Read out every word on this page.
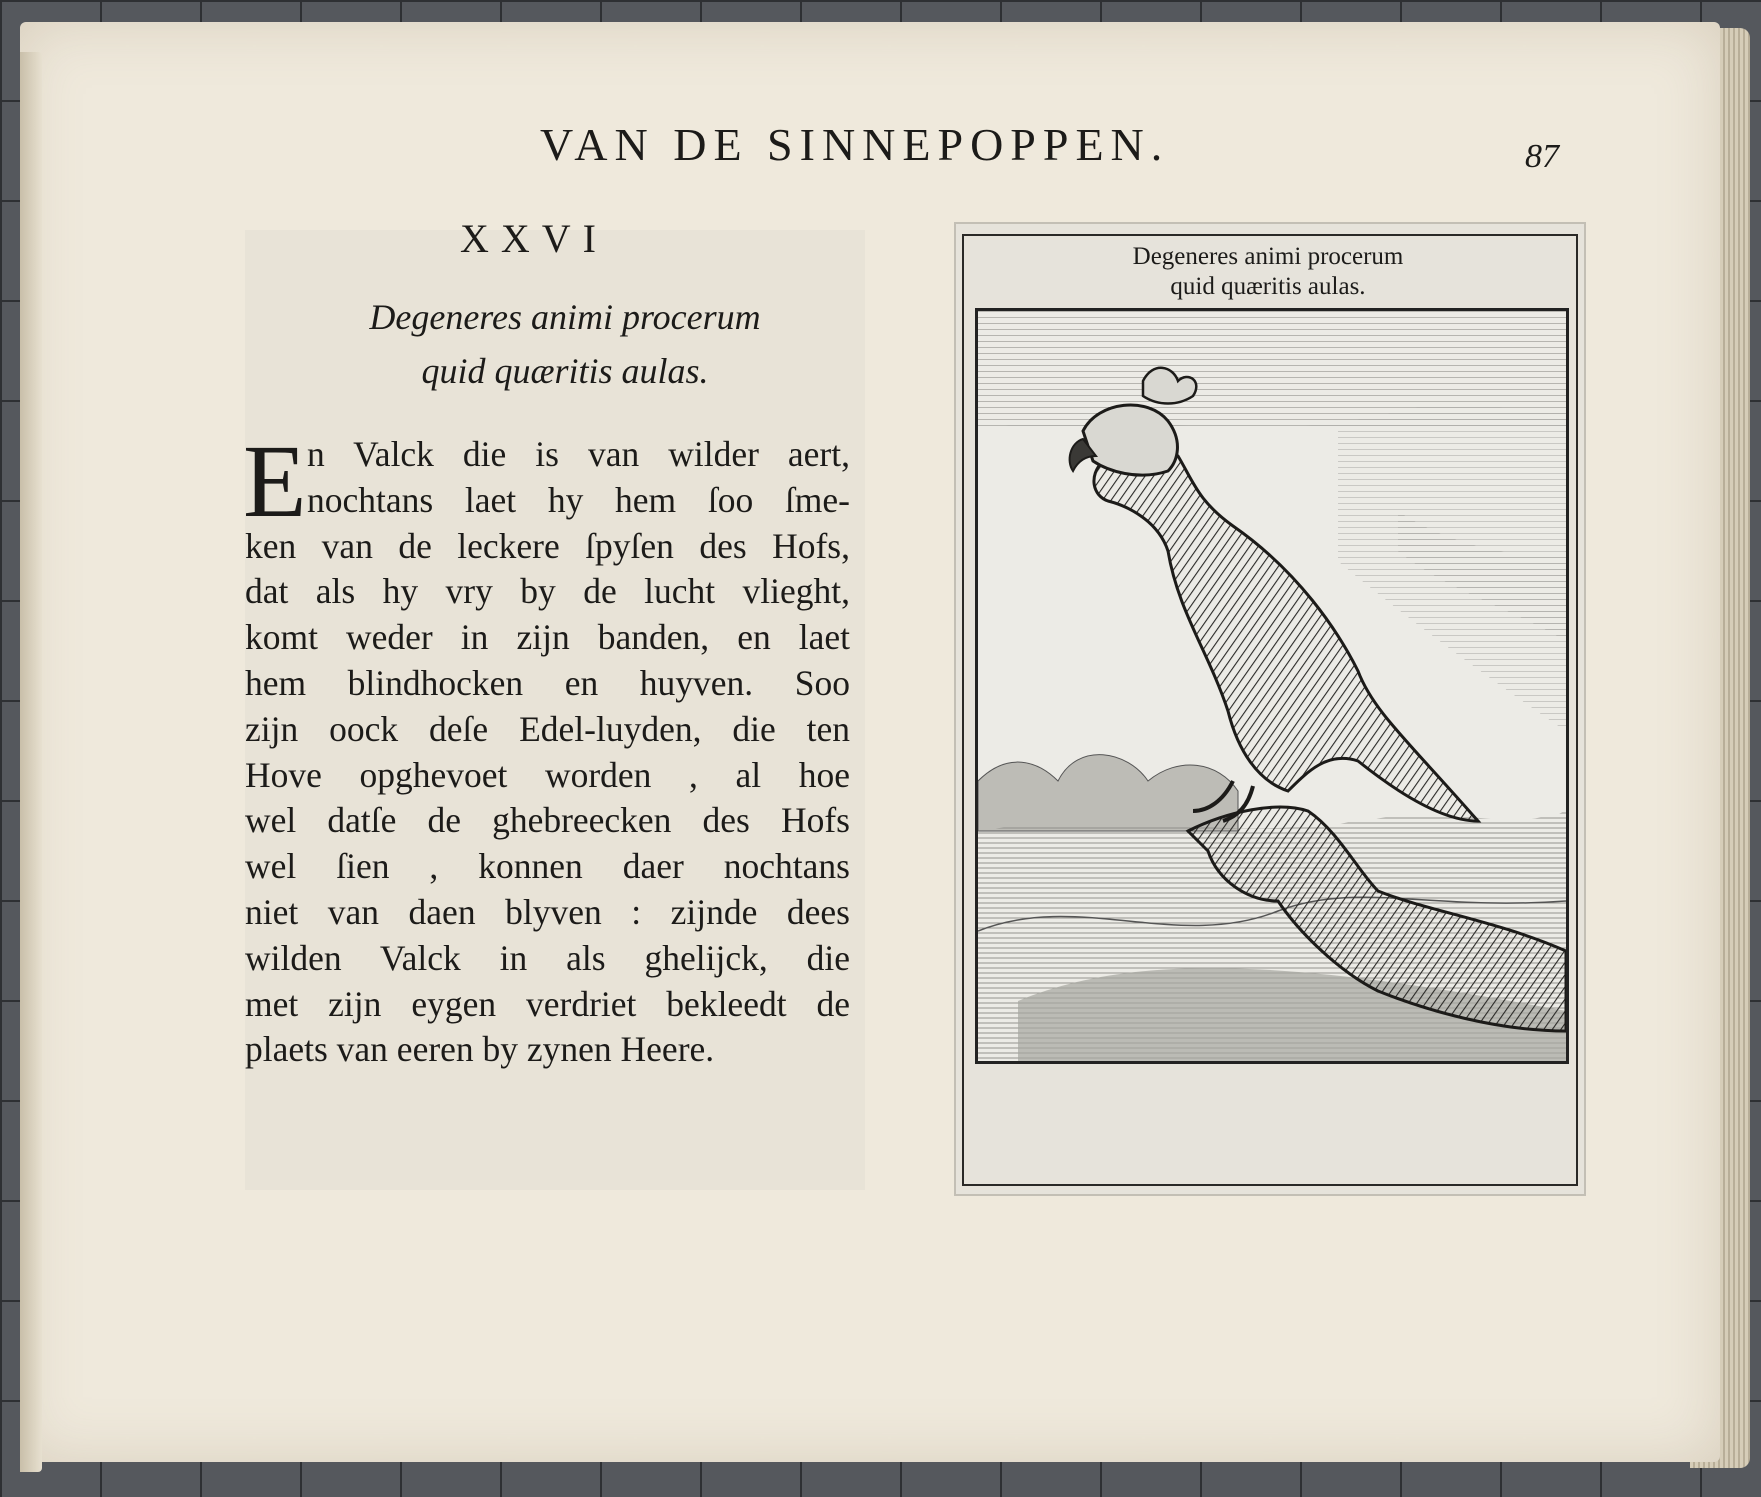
VAN DE SINNEPOPPEN.	87
XXVI
Degeneres animi procerum
quid quæritis aulas.
E n Valck die is van wilder aert,
nochtans laet hy hem ſoo ſme-
ken van de leckere ſpyſen des Hofs,
dat als hy vry by de lucht vlieght,
komt weder in zijn banden, en laet
hem blindhocken en huyven. Soo
zijn oock deſe Edel-luyden, die ten
Hove opghevoet worden , al hoe
wel datſe de ghebreecken des Hofs
wel ſien , konnen daer nochtans
niet van daen blyven : zijnde dees
wilden Valck in als ghelijck, die
met zijn eygen verdriet bekleedt de
plaets van eeren by zynen Heere.
Degeneres animi procerum
quid quæritis aulas.
